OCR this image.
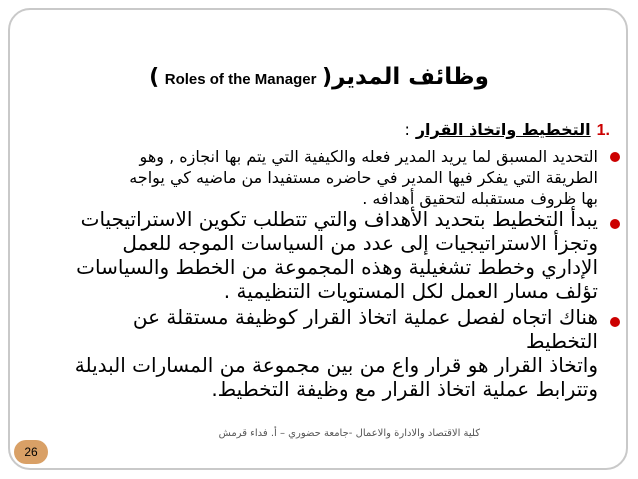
وظائف المدير( Roles of the Manager )
.1
التخطيط واتخاذ القرار
:
التحديد المسبق لما يريد المدير فعله والكيفية التي يتم بها انجازه , وهو
الطريقة التي يفكر فيها المدير في حاضره مستفيدا من ماضيه كي يواجه
بها ظروف مستقبله لتحقيق أهدافه .
يبدأ التخطيط بتحديد الأهداف والتي تتطلب تكوين الاستراتيجيات
وتجزأ الاستراتيجيات إلى عدد من السياسات الموجه للعمل
الإداري وخطط تشغيلية وهذه المجموعة من الخطط والسياسات
تؤلف مسار العمل لكل المستويات التنظيمية .
هناك اتجاه لفصل عملية اتخاذ القرار كوظيفة مستقلة عن التخطيط
واتخاذ القرار هو قرار واع من بين مجموعة من المسارات البديلة
وتترابط عملية اتخاذ القرار مع وظيفة التخطيط.
كلية الاقتصاد والادارة والاعمال -جامعة حضوري – أ. فداء قرمش
26
